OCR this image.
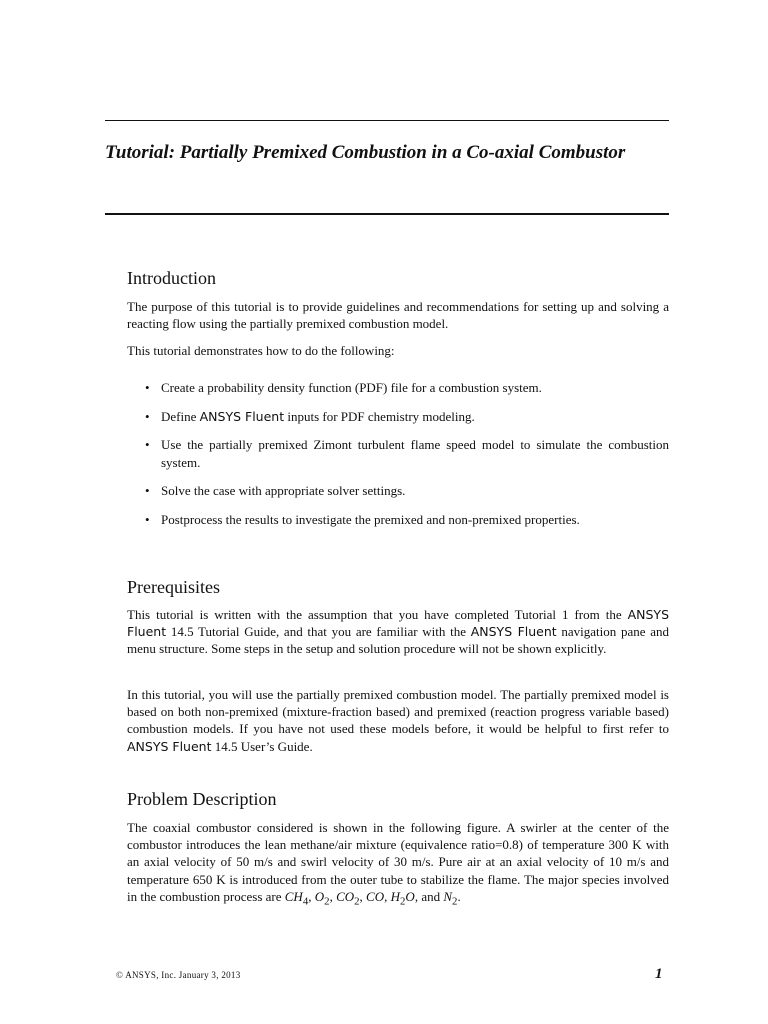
Tutorial: Partially Premixed Combustion in a Co-axial Combustor
Introduction

The purpose of this tutorial is to provide guidelines and recommendations for setting up and solving a reacting flow using the partially premixed combustion model.

This tutorial demonstrates how to do the following:

• Create a probability density function (PDF) file for a combustion system.
• Define ANSYS Fluent inputs for PDF chemistry modeling.
• Use the partially premixed Zimont turbulent flame speed model to simulate the combustion system.
• Solve the case with appropriate solver settings.
• Postprocess the results to investigate the premixed and non-premixed properties.
Prerequisites

This tutorial is written with the assumption that you have completed Tutorial 1 from the ANSYS Fluent 14.5 Tutorial Guide, and that you are familiar with the ANSYS Fluent navigation pane and menu structure. Some steps in the setup and solution procedure will not be shown explicitly.

In this tutorial, you will use the partially premixed combustion model. The partially premixed model is based on both non-premixed (mixture-fraction based) and premixed (reaction progress variable based) combustion models. If you have not used these models before, it would be helpful to first refer to ANSYS Fluent 14.5 User’s Guide.

Problem Description

The coaxial combustor considered is shown in the following figure. A swirler at the center of the combustor introduces the lean methane/air mixture (equivalence ratio=0.8) of temperature 300 K with an axial velocity of 50 m/s and swirl velocity of 30 m/s. Pure air at an axial velocity of 10 m/s and temperature 650 K is introduced from the outer tube to stabilize the flame. The major species involved in the combustion process are $CH_4$, $O_2$, $CO_2$, CO, $H_2O$, and $N_2$.

© ANSYS, Inc. January 3, 2013	1
